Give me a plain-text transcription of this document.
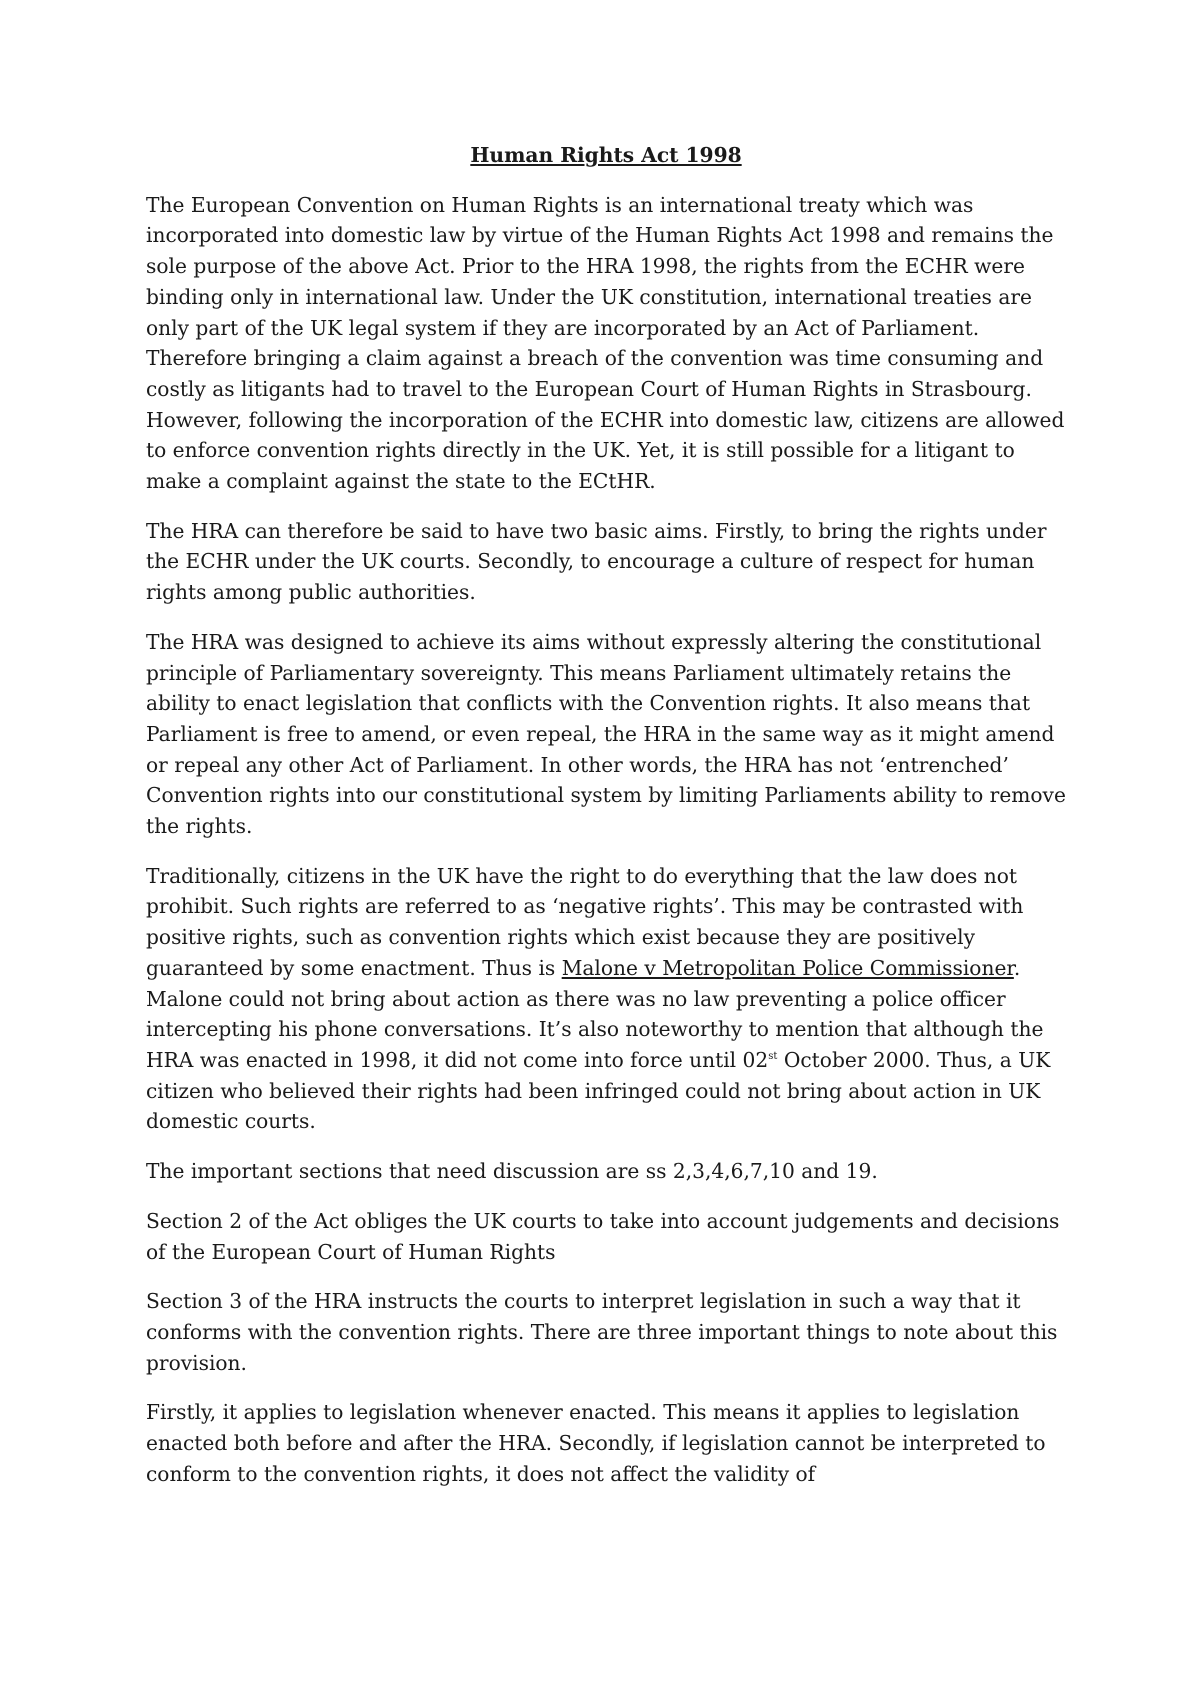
Human Rights Act 1998

The European Convention on Human Rights is an international treaty which was incorporated into domestic law by virtue of the Human Rights Act 1998 and remains the sole purpose of the above Act. Prior to the HRA 1998, the rights from the ECHR were binding only in international law. Under the UK constitution, international treaties are only part of the UK legal system if they are incorporated by an Act of Parliament. Therefore bringing a claim against a breach of the convention was time consuming and costly as litigants had to travel to the European Court of Human Rights in Strasbourg. However, following the incorporation of the ECHR into domestic law, citizens are allowed to enforce convention rights directly in the UK. Yet, it is still possible for a litigant to make a complaint against the state to the ECtHR.

The HRA can therefore be said to have two basic aims. Firstly, to bring the rights under the ECHR under the UK courts. Secondly, to encourage a culture of respect for human rights among public authorities.

The HRA was designed to achieve its aims without expressly altering the constitutional principle of Parliamentary sovereignty. This means Parliament ultimately retains the ability to enact legislation that conflicts with the Convention rights. It also means that Parliament is free to amend, or even repeal, the HRA in the same way as it might amend or repeal any other Act of Parliament. In other words, the HRA has not ‘entrenched’ Convention rights into our constitutional system by limiting Parliaments ability to remove the rights.

Traditionally, citizens in the UK have the right to do everything that the law does not prohibit. Such rights are referred to as ‘negative rights’. This may be contrasted with positive rights, such as convention rights which exist because they are positively guaranteed by some enactment. Thus is Malone v Metropolitan Police Commissioner. Malone could not bring about action as there was no law preventing a police officer intercepting his phone conversations. It’s also noteworthy to mention that although the HRA was enacted in 1998, it did not come into force until 02st October 2000. Thus, a UK citizen who believed their rights had been infringed could not bring about action in UK domestic courts.

The important sections that need discussion are ss 2,3,4,6,7,10 and 19.

Section 2 of the Act obliges the UK courts to take into account judgements and decisions of the European Court of Human Rights

Section 3 of the HRA instructs the courts to interpret legislation in such a way that it conforms with the convention rights. There are three important things to note about this provision.

Firstly, it applies to legislation whenever enacted. This means it applies to legislation enacted both before and after the HRA. Secondly, if legislation cannot be interpreted to conform to the convention rights, it does not affect the validity of
